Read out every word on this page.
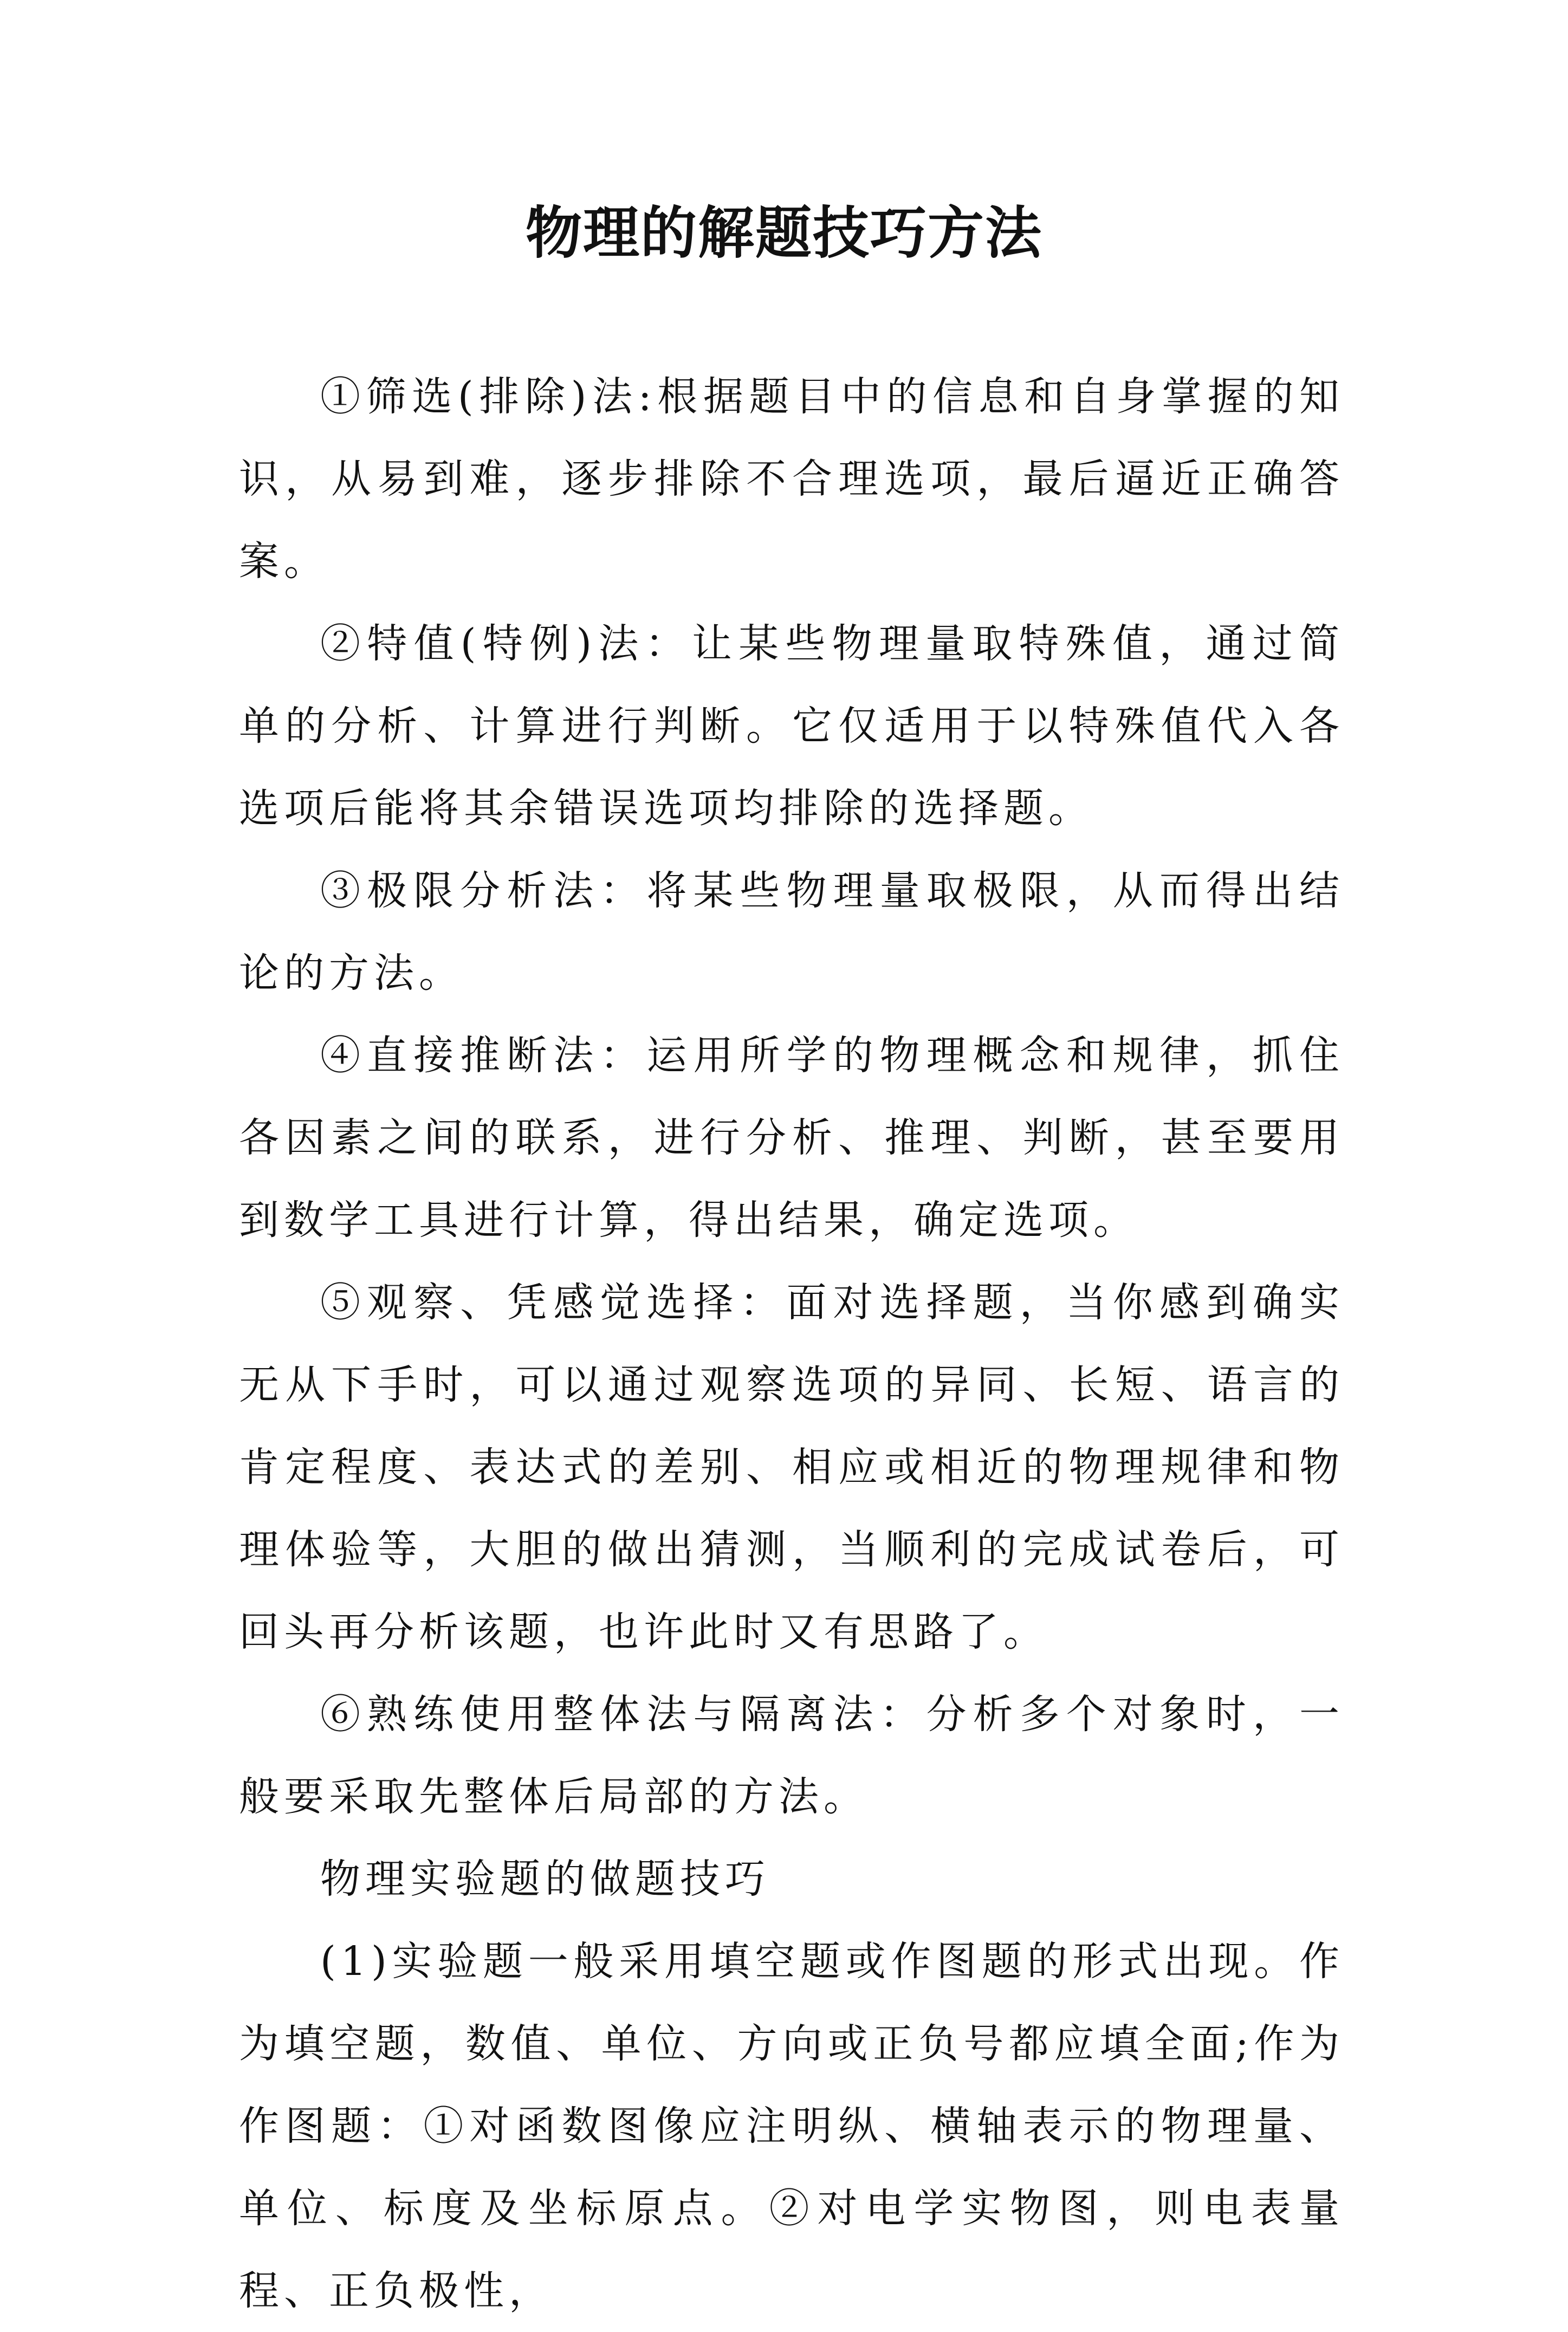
物理的解题技巧方法

①筛选(排除)法:根据题目中的信息和自身掌握的知识，从易到难，逐步排除不合理选项，最后逼近正确答案。

②特值(特例)法：让某些物理量取特殊值，通过简单的分析、计算进行判断。它仅适用于以特殊值代入各选项后能将其余错误选项均排除的选择题。

③极限分析法：将某些物理量取极限，从而得出结论的方法。

④直接推断法：运用所学的物理概念和规律，抓住各因素之间的联系，进行分析、推理、判断，甚至要用到数学工具进行计算，得出结果，确定选项。

⑤观察、凭感觉选择：面对选择题，当你感到确实无从下手时，可以通过观察选项的异同、长短、语言的肯定程度、表达式的差别、相应或相近的物理规律和物理体验等，大胆的做出猜测，当顺利的完成试卷后，可回头再分析该题，也许此时又有思路了。

⑥熟练使用整体法与隔离法：分析多个对象时，一般要采取先整体后局部的方法。

物理实验题的做题技巧

(1)实验题一般采用填空题或作图题的形式出现。作为填空题，数值、单位、方向或正负号都应填全面;作为作图题：①对函数图像应注明纵、横轴表示的物理量、单位、标度及坐标原点。②对电学实物图，则电表量程、正负极性，
